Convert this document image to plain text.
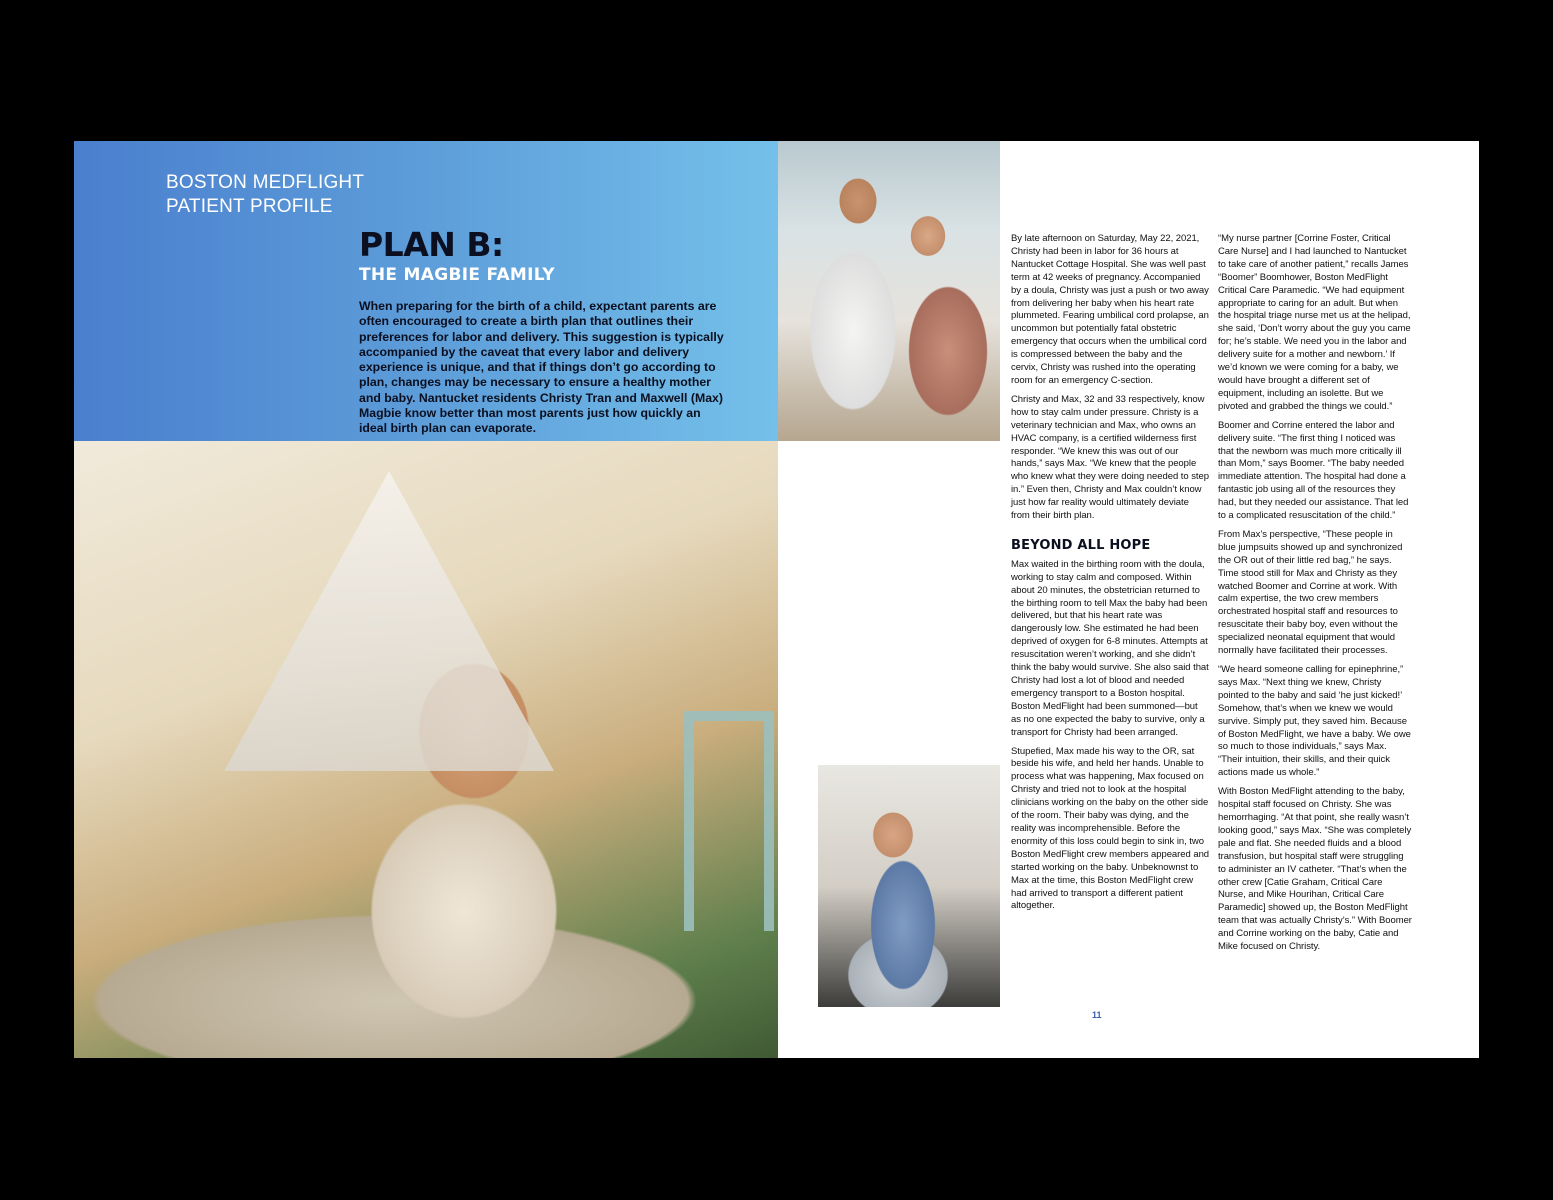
BOSTON MEDFLIGHT
PATIENT PROFILE
PLAN B:
THE MAGBIE FAMILY
When preparing for the birth of a child, expectant parents are often encouraged to create a birth plan that outlines their preferences for labor and delivery. This suggestion is typically accompanied by the caveat that every labor and delivery experience is unique, and that if things don’t go according to plan, changes may be necessary to ensure a healthy mother and baby. Nantucket residents Christy Tran and Maxwell (Max) Magbie know better than most parents just how quickly an ideal birth plan can evaporate.

By late afternoon on Saturday, May 22, 2021, Christy had been in labor for 36 hours at Nantucket Cottage Hospital. She was well past term at 42 weeks of pregnancy. Accompanied by a doula, Christy was just a push or two away from delivering her baby when his heart rate plummeted. Fearing umbilical cord prolapse, an uncommon but potentially fatal obstetric emergency that occurs when the umbilical cord is compressed between the baby and the cervix, Christy was rushed into the operating room for an emergency C-section.

Christy and Max, 32 and 33 respectively, know how to stay calm under pressure. Christy is a veterinary technician and Max, who owns an HVAC company, is a certified wilderness first responder. “We knew this was out of our hands,” says Max. “We knew that the people who knew what they were doing needed to step in.” Even then, Christy and Max couldn’t know just how far reality would ultimately deviate from their birth plan.

BEYOND ALL HOPE

Max waited in the birthing room with the doula, working to stay calm and composed. Within about 20 minutes, the obstetrician returned to the birthing room to tell Max the baby had been delivered, but that his heart rate was dangerously low. She estimated he had been deprived of oxygen for 6-8 minutes. Attempts at resuscitation weren’t working, and she didn’t think the baby would survive. She also said that Christy had lost a lot of blood and needed emergency transport to a Boston hospital. Boston MedFlight had been summoned—but as no one expected the baby to survive, only a transport for Christy had been arranged.

Stupefied, Max made his way to the OR, sat beside his wife, and held her hands. Unable to process what was happening, Max focused on Christy and tried not to look at the hospital clinicians working on the baby on the other side of the room. Their baby was dying, and the reality was incomprehensible. Before the enormity of this loss could begin to sink in, two Boston MedFlight crew members appeared and started working on the baby. Unbeknownst to Max at the time, this Boston MedFlight crew had arrived to transport a different patient altogether.

“My nurse partner [Corrine Foster, Critical Care Nurse] and I had launched to Nantucket to take care of another patient,” recalls James “Boomer” Boomhower, Boston MedFlight Critical Care Paramedic. “We had equipment appropriate to caring for an adult. But when the hospital triage nurse met us at the helipad, she said, ‘Don’t worry about the guy you came for; he’s stable. We need you in the labor and delivery suite for a mother and newborn.’ If we’d known we were coming for a baby, we would have brought a different set of equipment, including an isolette. But we pivoted and grabbed the things we could.”

Boomer and Corrine entered the labor and delivery suite. “The first thing I noticed was that the newborn was much more critically ill than Mom,” says Boomer. “The baby needed immediate attention. The hospital had done a fantastic job using all of the resources they had, but they needed our assistance. That led to a complicated resuscitation of the child.”

From Max’s perspective, “These people in blue jumpsuits showed up and synchronized the OR out of their little red bag,” he says. Time stood still for Max and Christy as they watched Boomer and Corrine at work. With calm expertise, the two crew members orchestrated hospital staff and resources to resuscitate their baby boy, even without the specialized neonatal equipment that would normally have facilitated their processes.

“We heard someone calling for epinephrine,” says Max. “Next thing we knew, Christy pointed to the baby and said ‘he just kicked!’ Somehow, that’s when we knew we would survive. Simply put, they saved him. Because of Boston MedFlight, we have a baby. We owe so much to those individuals,” says Max. “Their intuition, their skills, and their quick actions made us whole.”

With Boston MedFlight attending to the baby, hospital staff focused on Christy. She was hemorrhaging. “At that point, she really wasn’t looking good,” says Max. “She was completely pale and flat. She needed fluids and a blood transfusion, but hospital staff were struggling to administer an IV catheter. “That’s when the other crew [Catie Graham, Critical Care Nurse, and Mike Hourihan, Critical Care Paramedic] showed up, the Boston MedFlight team that was actually Christy’s.” With Boomer and Corrine working on the baby, Catie and Mike focused on Christy.

11
